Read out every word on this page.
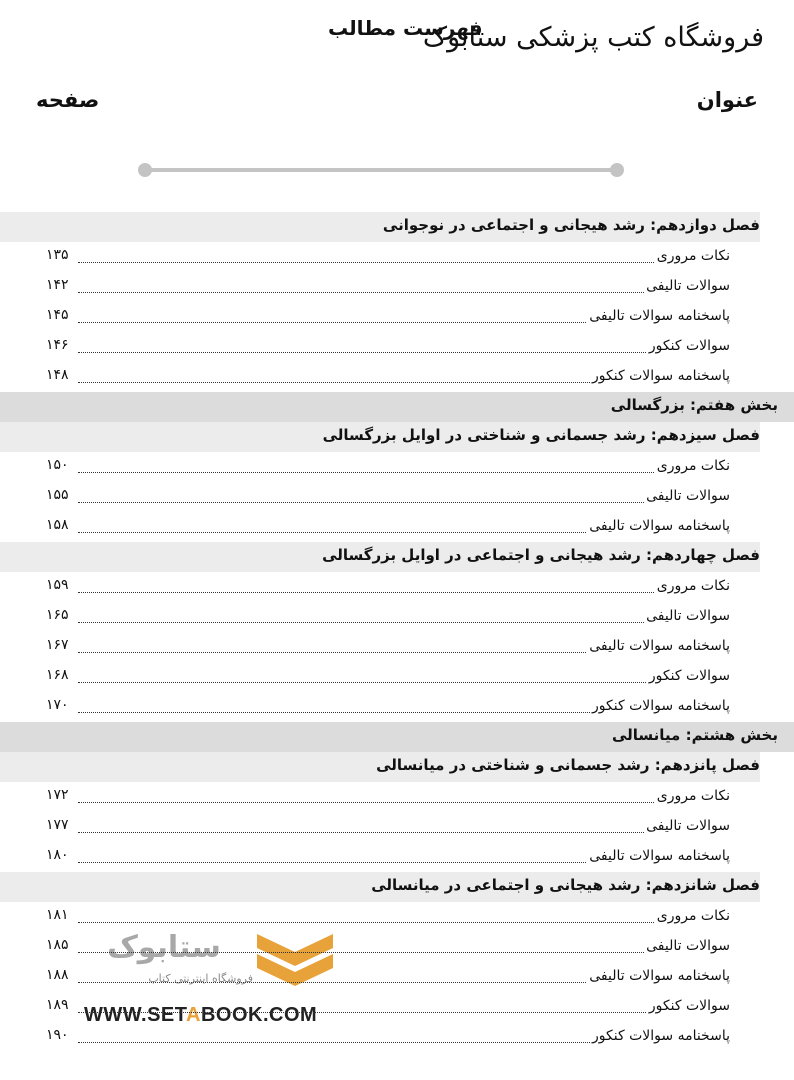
فروشگاه کتب پزشکی ستابوک
فهرست مطالب
عنوان
صفحه
فصل دوازدهم: رشد هیجانی و اجتماعی در نوجوانی
نکات مروری
۱۳۵
سوالات تالیفی
۱۴۲
پاسخنامه سوالات تالیفی
۱۴۵
سوالات کنکور
۱۴۶
پاسخنامه سوالات کنکور
۱۴۸
بخش هفتم: بزرگسالی
فصل سیزدهم: رشد جسمانی و شناختی در اوایل بزرگسالی
نکات مروری
۱۵۰
سوالات تالیفی
۱۵۵
پاسخنامه سوالات تالیفی
۱۵۸
فصل چهاردهم: رشد هیجانی و اجتماعی در اوایل بزرگسالی
نکات مروری
۱۵۹
سوالات تالیفی
۱۶۵
پاسخنامه سوالات تالیفی
۱۶۷
سوالات کنکور
۱۶۸
پاسخنامه سوالات کنکور
۱۷۰
بخش هشتم: میانسالی
فصل پانزدهم: رشد جسمانی و شناختی در میانسالی
نکات مروری
۱۷۲
سوالات تالیفی
۱۷۷
پاسخنامه سوالات تالیفی
۱۸۰
فصل شانزدهم: رشد هیجانی و اجتماعی در میانسالی
نکات مروری
۱۸۱
سوالات تالیفی
۱۸۵
پاسخنامه سوالات تالیفی
۱۸۸
سوالات کنکور
۱۸۹
پاسخنامه سوالات کنکور
۱۹۰
ستابوک
فروشگاه اینترنتی کتاب
WWW.SETABOOK.COM
